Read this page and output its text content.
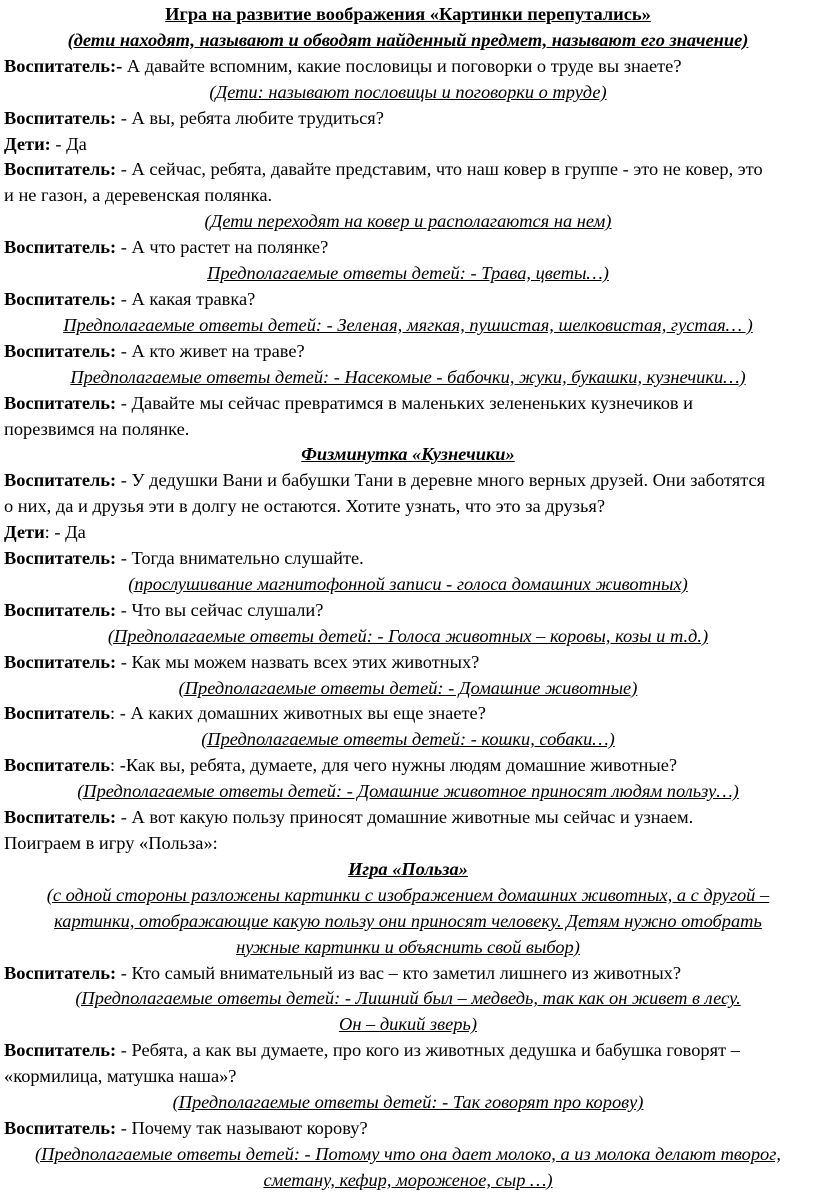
Игра на развитие воображения «Картинки перепутались»
(дети находят, называют и обводят найденный предмет, называют его значение)
Воспитатель:- А давайте вспомним, какие пословицы и поговорки о труде вы знаете?
(Дети: называют пословицы и поговорки о труде)
Воспитатель: - А вы, ребята любите трудиться?
Дети: - Да
Воспитатель: - А сейчас, ребята, давайте представим, что наш ковер в группе - это не ковер, это
и не газон, а деревенская полянка.
(Дети переходят на ковер и располагаются на нем)
Воспитатель: - А что растет на полянке?
Предполагаемые ответы детей: - Трава, цветы…)
Воспитатель: - А какая травка?
Предполагаемые ответы детей: - Зеленая, мягкая, пушистая, шелковистая, густая… )
Воспитатель: - А кто живет на траве?
Предполагаемые ответы детей: - Насекомые - бабочки, жуки, букашки, кузнечики…)
Воспитатель: - Давайте мы сейчас превратимся в маленьких зелененьких кузнечиков и
порезвимся на полянке.
Физминутка «Кузнечики»
Воспитатель: - У дедушки Вани и бабушки Тани в деревне много верных друзей. Они заботятся
о них, да и друзья эти в долгу не остаются. Хотите узнать, что это за друзья?
Дети: - Да
Воспитатель: - Тогда внимательно слушайте.
(прослушивание магнитофонной записи - голоса домашних животных)
Воспитатель: - Что вы сейчас слушали?
(Предполагаемые ответы детей: - Голоса животных – коровы, козы и т.д.)
Воспитатель: - Как мы можем назвать всех этих животных?
(Предполагаемые ответы детей: - Домашние животные)
Воспитатель: - А каких домашних животных вы еще знаете?
(Предполагаемые ответы детей: - кошки, собаки…)
Воспитатель: -Как вы, ребята, думаете, для чего нужны людям домашние животные?
(Предполагаемые ответы детей: - Домашние животное приносят людям пользу…)
Воспитатель: - А вот какую пользу приносят домашние животные мы сейчас и узнаем.
Поиграем в игру «Польза»:
Игра «Польза»
(с одной стороны разложены картинки с изображением домашних животных, а с другой –
картинки, отображающие какую пользу они приносят человеку. Детям нужно отобрать
нужные картинки и объяснить свой выбор)
Воспитатель: - Кто самый внимательный из вас – кто заметил лишнего из животных?
(Предполагаемые ответы детей: - Лишний был – медведь, так как он живет в лесу.
Он – дикий зверь)
Воспитатель: - Ребята, а как вы думаете, про кого из животных дедушка и бабушка говорят –
«кормилица, матушка наша»?
(Предполагаемые ответы детей: - Так говорят про корову)
Воспитатель: - Почему так называют корову?
(Предполагаемые ответы детей: - Потому что она дает молоко, а из молока делают творог,
сметану, кефир, мороженое, сыр …)
